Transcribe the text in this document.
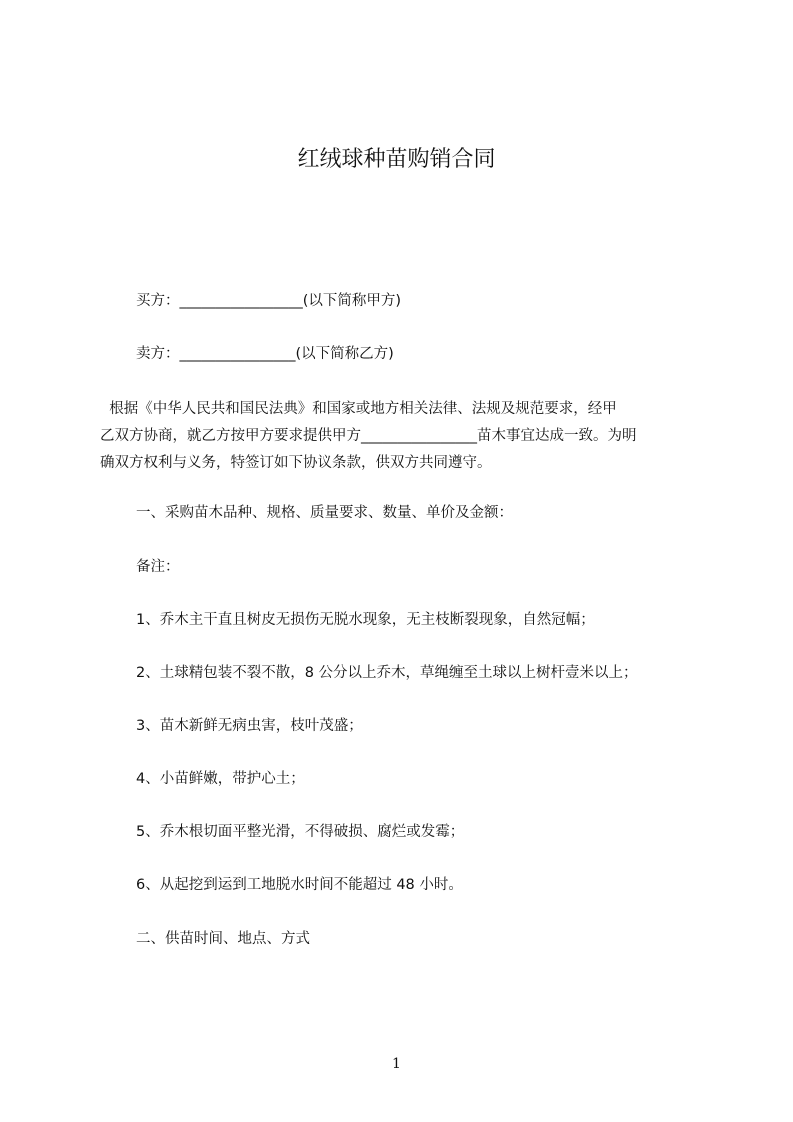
红绒球种苗购销合同
买方：_________________(以下简称甲方)
卖方：________________(以下简称乙方)
根据《中华人民共和国民法典》和国家或地方相关法律、法规及规范要求，经甲
乙双方协商，就乙方按甲方要求提供甲方________________苗木事宜达成一致。为明
确双方权利与义务，特签订如下协议条款，供双方共同遵守。
一、采购苗木品种、规格、质量要求、数量、单价及金额：
备注：
1、乔木主干直且树皮无损伤无脱水现象，无主枝断裂现象，自然冠幅；
2、土球精包装不裂不散，8 公分以上乔木，草绳缠至土球以上树杆壹米以上；
3、苗木新鲜无病虫害，枝叶茂盛；
4、小苗鲜嫩，带护心土；
5、乔木根切面平整光滑，不得破损、腐烂或发霉；
6、从起挖到运到工地脱水时间不能超过 48 小时。
二、供苗时间、地点、方式
1
